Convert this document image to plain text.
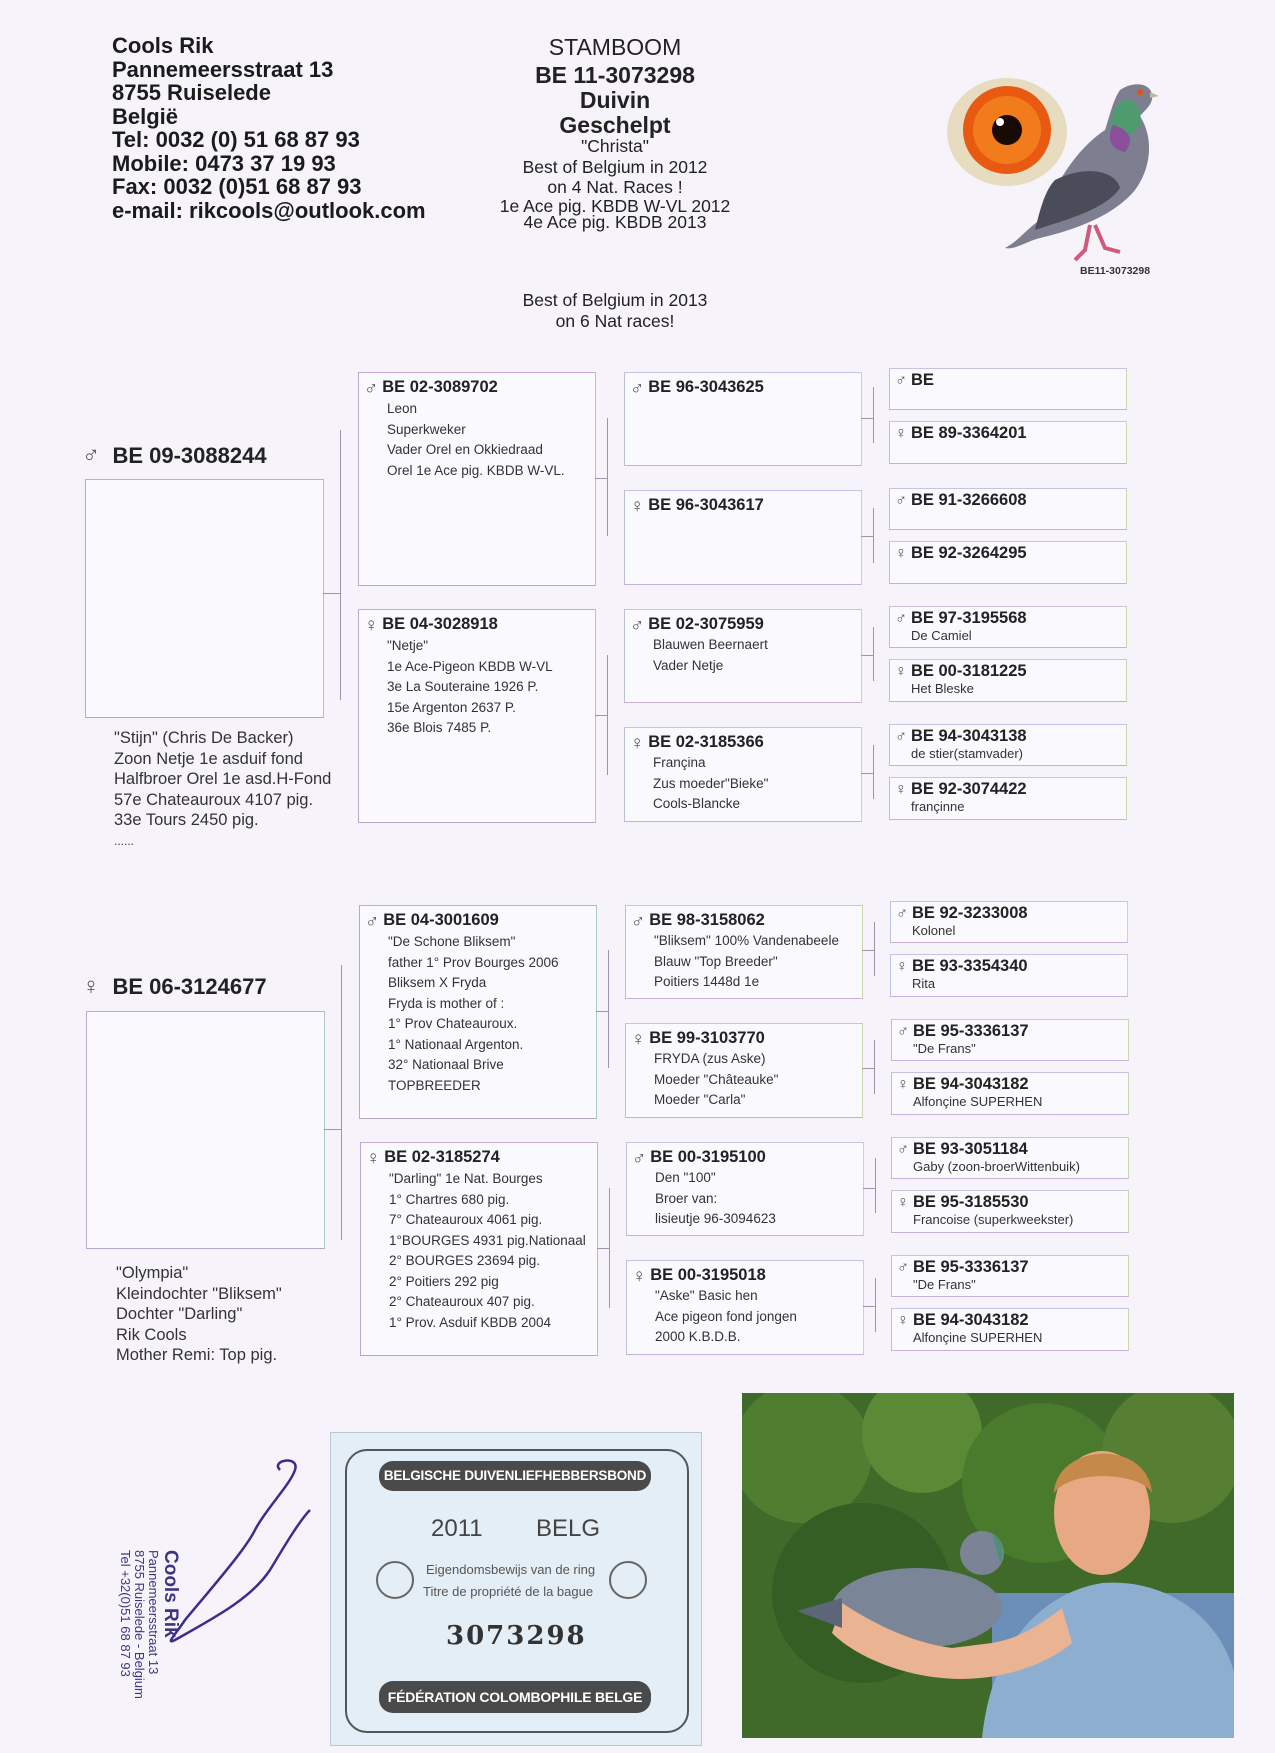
Cools Rik
Pannemeersstraat 13
8755 Ruiselede
België
Tel: 0032 (0) 51 68 87 93
Mobile: 0473 37 19 93
Fax: 0032 (0)51 68 87 93
e-mail: rikcools@outlook.com
STAMBOOM
BE 11-3073298
Duivin
Geschelpt
"Christa"
Best of Belgium in 2012
on 4 Nat. Races !
1e Ace pig. KBDB W-VL 2012
4e Ace pig. KBDB 2013
Best of Belgium in 2013
on 6 Nat races!
BE11-3073298
♂ BE 09-3088244
"Stijn" (Chris De Backer)
Zoon Netje 1e asduif fond
Halfbroer Orel 1e asd.H-Fond
57e Chateauroux 4107 pig.
33e Tours 2450 pig.
......
♀ BE 06-3124677
"Olympia"
Kleindochter "Bliksem"
Dochter "Darling"
Rik Cools
Mother Remi: Top pig.
♂ BE 02-3089702
Leon
Superkweker
Vader Orel en Okkiedraad
Orel 1e Ace pig. KBDB W-VL.
♀ BE 04-3028918
"Netje"
1e Ace-Pigeon KBDB W-VL
3e La Souteraine 1926 P.
15e Argenton 2637 P.
36e Blois 7485 P.
♂ BE 04-3001609
"De Schone Bliksem"
father 1° Prov Bourges 2006
Bliksem X Fryda
Fryda is mother of :
1° Prov Chateauroux.
1° Nationaal Argenton.
32° Nationaal Brive
TOPBREEDER
♀ BE 02-3185274
"Darling" 1e Nat. Bourges
1° Chartres 680 pig.
7° Chateauroux 4061 pig.
1°BOURGES 4931 pig.Nationaal
2° BOURGES 23694 pig.
2° Poitiers 292 pig
2° Chateauroux 407 pig.
1° Prov. Asduif KBDB 2004
♂ BE 96-3043625
♀ BE 96-3043617
♂ BE 02-3075959
Blauwen Beernaert
Vader Netje
♀ BE 02-3185366
Françina
Zus moeder"Bieke"
Cools-Blancke
♂ BE 98-3158062
"Bliksem" 100% Vandenabeele
Blauw "Top Breeder"
Poitiers 1448d 1e
♀ BE 99-3103770
FRYDA (zus Aske)
Moeder "Châteauke"
Moeder "Carla"
♂ BE 00-3195100
Den "100"
Broer van:
lisieutje 96-3094623
♀ BE 00-3195018
"Aske" Basic hen
Ace pigeon fond jongen
2000 K.B.D.B.
♂ BE
♀ BE 89-3364201
♂ BE 91-3266608
♀ BE 92-3264295
♂ BE 97-3195568
De Camiel
♀ BE 00-3181225
Het Bleske
♂ BE 94-3043138
de stier(stamvader)
♀ BE 92-3074422
françinne
♂ BE 92-3233008
Kolonel
♀ BE 93-3354340
Rita
♂ BE 95-3336137
"De Frans"
♀ BE 94-3043182
Alfonçine SUPERHEN
♂ BE 93-3051184
Gaby (zoon-broerWittenbuik)
♀ BE 95-3185530
Francoise (superkweekster)
♂ BE 95-3336137
"De Frans"
♀ BE 94-3043182
Alfonçine SUPERHEN
Cools Rik
Pannemeersstraat 13
8755 Ruiselede - Belgium
Tel +32(0)51 68 87 93
BELGISCHE DUIVENLIEFHEBBERSBOND
2011 BELG
Eigendomsbewijs van de ring
Titre de propriété de la bague
3073298
FÉDÉRATION COLOMBOPHILE BELGE
